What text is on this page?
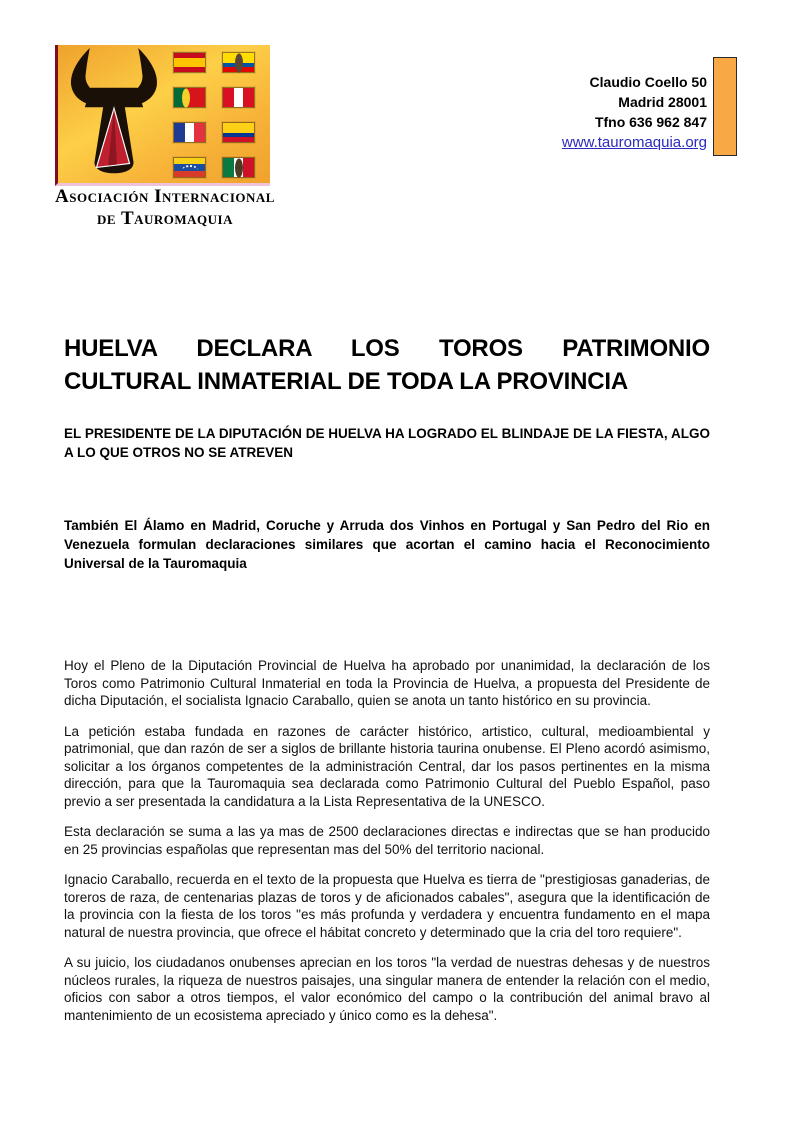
Asociación Internacional
de Tauromaquia
Claudio Coello 50
Madrid 28001
Tfno 636 962 847
www.tauromaquia.org
HUELVA DECLARA LOS TOROS PATRIMONIO CULTURAL INMATERIAL DE TODA LA PROVINCIA
EL PRESIDENTE DE LA DIPUTACIÓN DE HUELVA HA LOGRADO EL BLINDAJE DE LA FIESTA, ALGO A LO QUE OTROS NO SE ATREVEN
También El Álamo en Madrid, Coruche y Arruda dos Vinhos en Portugal y San Pedro del Rio en Venezuela formulan declaraciones similares que acortan el camino hacia el Reconocimiento Universal de la Tauromaquia

Hoy el Pleno de la Diputación Provincial de Huelva ha aprobado por unanimidad, la declaración de los Toros como Patrimonio Cultural Inmaterial en toda la Provincia de Huelva, a propuesta del Presidente de dicha Diputación, el socialista Ignacio Caraballo, quien se anota un tanto histórico en su provincia.

La petición estaba fundada en razones de carácter histórico, artistico, cultural, medioambiental y patrimonial, que dan razón de ser a siglos de brillante historia taurina onubense. El Pleno acordó asimismo, solicitar a los órganos competentes de la administración Central, dar los pasos pertinentes en la misma dirección, para que la Tauromaquia sea declarada como Patrimonio Cultural del Pueblo Español, paso previo a ser presentada la candidatura a la Lista Representativa de la UNESCO.

Esta declaración se suma a las ya mas de 2500 declaraciones directas e indirectas que se han producido en 25 provincias españolas que representan mas del 50% del territorio nacional.

Ignacio Caraballo, recuerda en el texto de la propuesta que Huelva es tierra de "prestigiosas ganaderias, de toreros de raza, de centenarias plazas de toros y de aficionados cabales", asegura que la identificación de la provincia con la fiesta de los toros "es más profunda y verdadera y encuentra fundamento en el mapa natural de nuestra provincia, que ofrece el hábitat concreto y determinado que la cria del toro requiere".

A su juicio, los ciudadanos onubenses aprecian en los toros "la verdad de nuestras dehesas y de nuestros núcleos rurales, la riqueza de nuestros paisajes, una singular manera de entender la relación con el medio, oficios con sabor a otros tiempos, el valor económico del campo o la contribución del animal bravo al mantenimiento de un ecosistema apreciado y único como es la dehesa".
